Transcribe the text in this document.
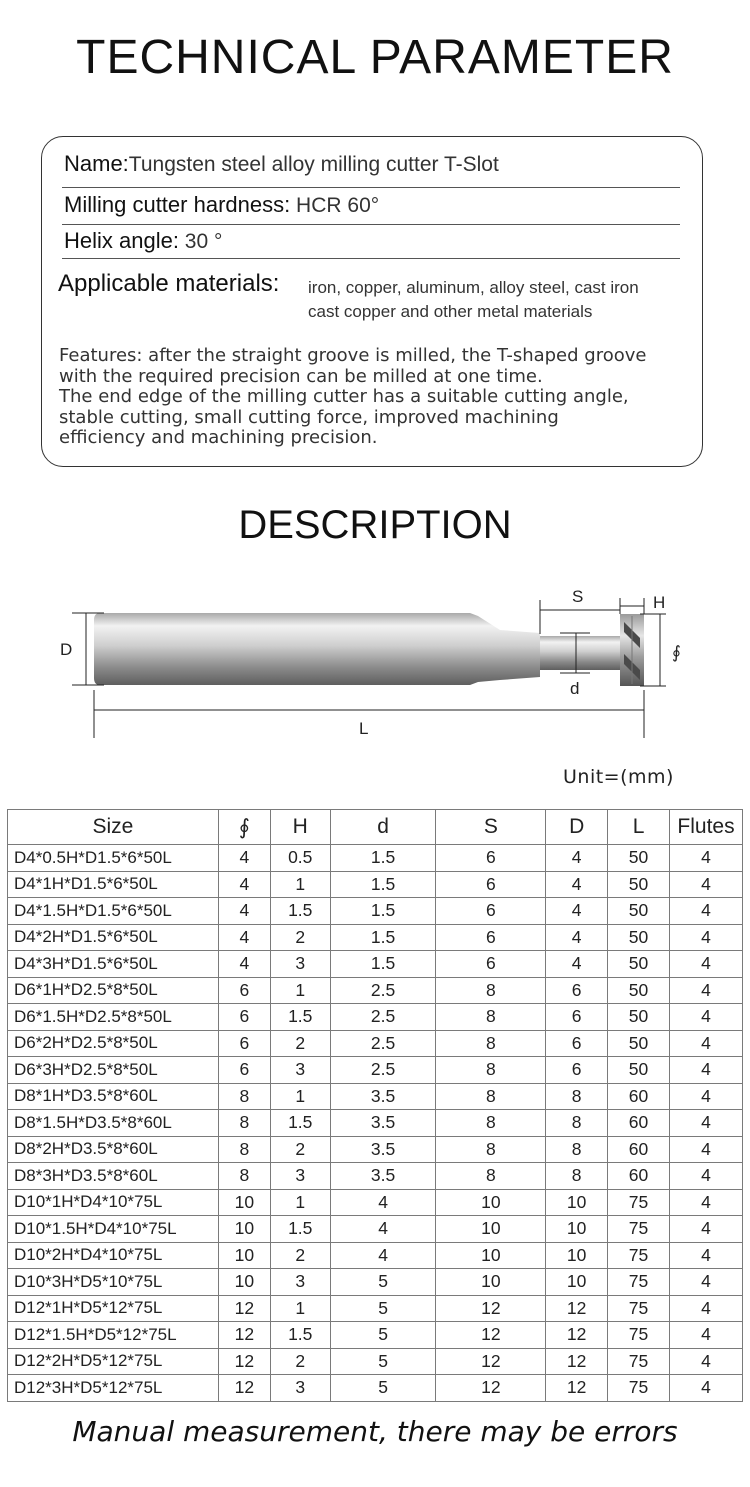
TECHNICAL PARAMETER
Name:Tungsten steel alloy milling cutter T-Slot
Milling cutter hardness: HCR 60°
Helix angle: 30 °
Applicable materials: iron, copper, aluminum, alloy steel, cast iron
cast copper and other metal materials

Features: after the straight groove is milled, the T-shaped groove

with the required precision can be milled at one time.

The end edge of the milling cutter has a suitable cutting angle,

stable cutting, small cutting force, improved machining

efficiency and machining precision.

DESCRIPTION
D
L
S	H
d
∮
Unit=(mm)
Size	∮	H	d	S	D	L	Flutes
D4*0.5H*D1.5*6*50L	4	0.5	1.5	6	4	50	4
D4*1H*D1.5*6*50L	4	1	1.5	6	4	50	4
D4*1.5H*D1.5*6*50L	4	1.5	1.5	6	4	50	4
D4*2H*D1.5*6*50L	4	2	1.5	6	4	50	4
D4*3H*D1.5*6*50L	4	3	1.5	6	4	50	4
D6*1H*D2.5*8*50L	6	1	2.5	8	6	50	4
D6*1.5H*D2.5*8*50L	6	1.5	2.5	8	6	50	4
D6*2H*D2.5*8*50L	6	2	2.5	8	6	50	4
D6*3H*D2.5*8*50L	6	3	2.5	8	6	50	4
D8*1H*D3.5*8*60L	8	1	3.5	8	8	60	4
D8*1.5H*D3.5*8*60L	8	1.5	3.5	8	8	60	4
D8*2H*D3.5*8*60L	8	2	3.5	8	8	60	4
D8*3H*D3.5*8*60L	8	3	3.5	8	8	60	4
D10*1H*D4*10*75L	10	1	4	10	10	75	4
D10*1.5H*D4*10*75L	10	1.5	4	10	10	75	4
D10*2H*D4*10*75L	10	2	4	10	10	75	4
D10*3H*D5*10*75L	10	3	5	10	10	75	4
D12*1H*D5*12*75L	12	1	5	12	12	75	4
D12*1.5H*D5*12*75L	12	1.5	5	12	12	75	4
D12*2H*D5*12*75L	12	2	5	12	12	75	4
D12*3H*D5*12*75L	12	3	5	12	12	75	4
Manual measurement, there may be errors
